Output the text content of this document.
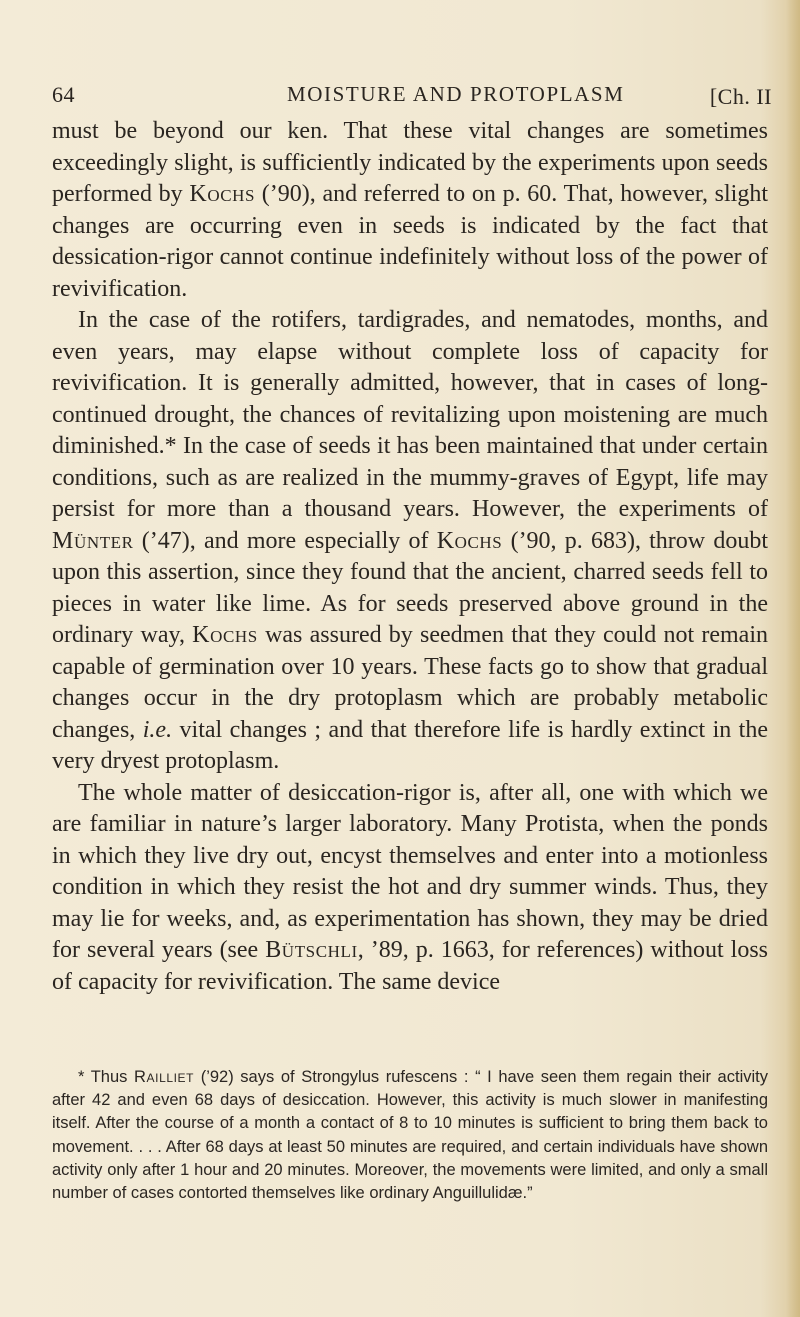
64	MOISTURE AND PROTOPLASM	[Ch. II

must be beyond our ken. That these vital changes are sometimes exceedingly slight, is sufficiently indicated by the experiments upon seeds performed by Kochs (’90), and referred to on p. 60. That, however, slight changes are occurring even in seeds is indicated by the fact that dessication-rigor cannot continue indefinitely without loss of the power of revivification.

In the case of the rotifers, tardigrades, and nematodes, months, and even years, may elapse without complete loss of capacity for revivification. It is generally admitted, however, that in cases of long-continued drought, the chances of revitalizing upon moistening are much diminished.* In the case of seeds it has been maintained that under certain conditions, such as are realized in the mummy-graves of Egypt, life may persist for more than a thousand years. However, the experiments of Münter (’47), and more especially of Kochs (’90, p. 683), throw doubt upon this assertion, since they found that the ancient, charred seeds fell to pieces in water like lime. As for seeds preserved above ground in the ordinary way, Kochs was assured by seedmen that they could not remain capable of germination over 10 years. These facts go to show that gradual changes occur in the dry protoplasm which are probably metabolic changes, i.e. vital changes ; and that therefore life is hardly extinct in the very dryest protoplasm.

The whole matter of desiccation-rigor is, after all, one with which we are familiar in nature’s larger laboratory. Many Protista, when the ponds in which they live dry out, encyst themselves and enter into a motionless condition in which they resist the hot and dry summer winds. Thus, they may lie for weeks, and, as experimentation has shown, they may be dried for several years (see Bütschli, ’89, p. 1663, for references) without loss of capacity for revivification. The same device

* Thus Railliet (’92) says of Strongylus rufescens : “ I have seen them regain their activity after 42 and even 68 days of desiccation. However, this activity is much slower in manifesting itself. After the course of a month a contact of 8 to 10 minutes is sufficient to bring them back to movement. . . . After 68 days at least 50 minutes are required, and certain individuals have shown activity only after 1 hour and 20 minutes. Moreover, the movements were limited, and only a small number of cases contorted themselves like ordinary Anguillulidæ.”
